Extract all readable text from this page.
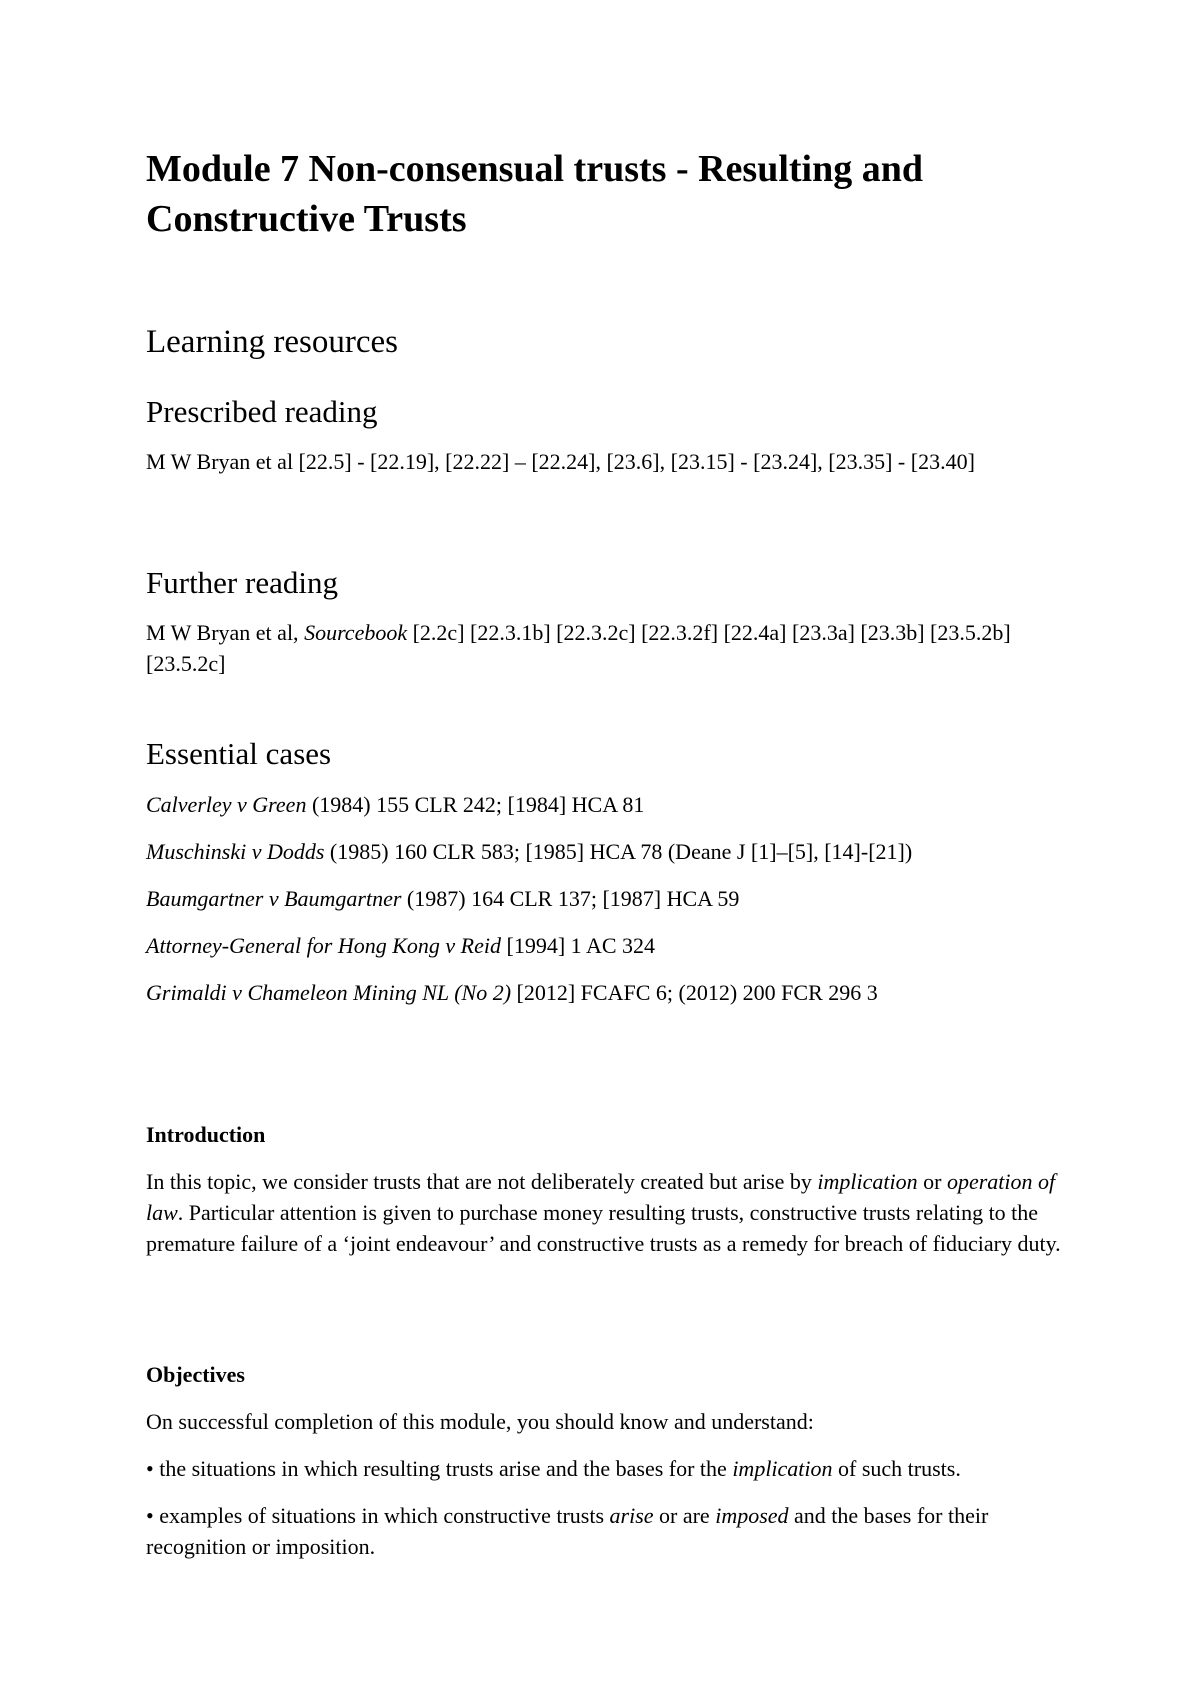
Module 7 Non-consensual trusts - Resulting and Constructive Trusts
Learning resources
Prescribed reading

M W Bryan et al [22.5] - [22.19], [22.22] – [22.24], [23.6], [23.15] - [23.24], [23.35] - [23.40]

Further reading

M W Bryan et al, Sourcebook [2.2c] [22.3.1b] [22.3.2c] [22.3.2f] [22.4a] [23.3a] [23.3b] [23.5.2b] [23.5.2c]

Essential cases

Calverley v Green (1984) 155 CLR 242; [1984] HCA 81

Muschinski v Dodds (1985) 160 CLR 583; [1985] HCA 78 (Deane J [1]–[5], [14]-[21])

Baumgartner v Baumgartner (1987) 164 CLR 137; [1987] HCA 59

Attorney-General for Hong Kong v Reid [1994] 1 AC 324

Grimaldi v Chameleon Mining NL (No 2) [2012] FCAFC 6; (2012) 200 FCR 296 3

Introduction

In this topic, we consider trusts that are not deliberately created but arise by implication or operation of law. Particular attention is given to purchase money resulting trusts, constructive trusts relating to the premature failure of a ‘joint endeavour’ and constructive trusts as a remedy for breach of fiduciary duty.

Objectives

On successful completion of this module, you should know and understand:

• the situations in which resulting trusts arise and the bases for the implication of such trusts.

• examples of situations in which constructive trusts arise or are imposed and the bases for their recognition or imposition.
